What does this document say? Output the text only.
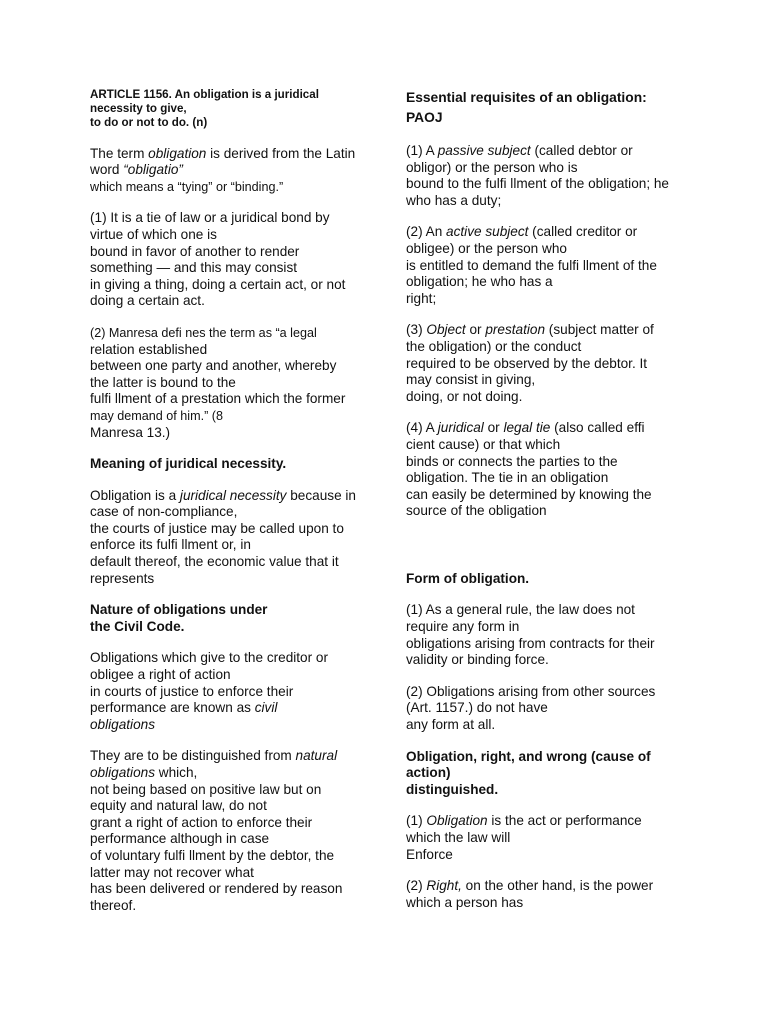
ARTICLE 1156. An obligation is a juridical
necessity to give,
to do or not to do. (n)

The term obligation is derived from the Latin
word “obligatio”
which means a “tying” or “binding.”

(1) It is a tie of law or a juridical bond by
virtue of which one is
bound in favor of another to render
something — and this may consist
in giving a thing, doing a certain act, or not
doing a certain act.

(2) Manresa defi nes the term as “a legal
relation established
between one party and another, whereby
the latter is bound to the
fulfi llment of a prestation which the former
may demand of him.” (8
Manresa 13.)

Meaning of juridical necessity.

Obligation is a juridical necessity because in
case of non-compliance,
the courts of justice may be called upon to
enforce its fulfi llment or, in
default thereof, the economic value that it
represents

Nature of obligations under
the Civil Code.

Obligations which give to the creditor or
obligee a right of action
in courts of justice to enforce their
performance are known as civil
obligations

They are to be distinguished from natural
obligations which,
not being based on positive law but on
equity and natural law, do not
grant a right of action to enforce their
performance although in case
of voluntary fulfi llment by the debtor, the
latter may not recover what
has been delivered or rendered by reason
thereof.

Essential requisites of an obligation:
PAOJ

(1) A passive subject (called debtor or
obligor) or the person who is
bound to the fulfi llment of the obligation; he
who has a duty;

(2) An active subject (called creditor or
obligee) or the person who
is entitled to demand the fulfi llment of the
obligation; he who has a
right;

(3) Object or prestation (subject matter of
the obligation) or the conduct
required to be observed by the debtor. It
may consist in giving,
doing, or not doing.

(4) A juridical or legal tie (also called effi
cient cause) or that which
binds or connects the parties to the
obligation. The tie in an obligation
can easily be determined by knowing the
source of the obligation

Form of obligation.

(1) As a general rule, the law does not
require any form in
obligations arising from contracts for their
validity or binding force.

(2) Obligations arising from other sources
(Art. 1157.) do not have
any form at all.

Obligation, right, and wrong (cause of
action)
distinguished.

(1) Obligation is the act or performance
which the law will
Enforce

(2) Right, on the other hand, is the power
which a person has
